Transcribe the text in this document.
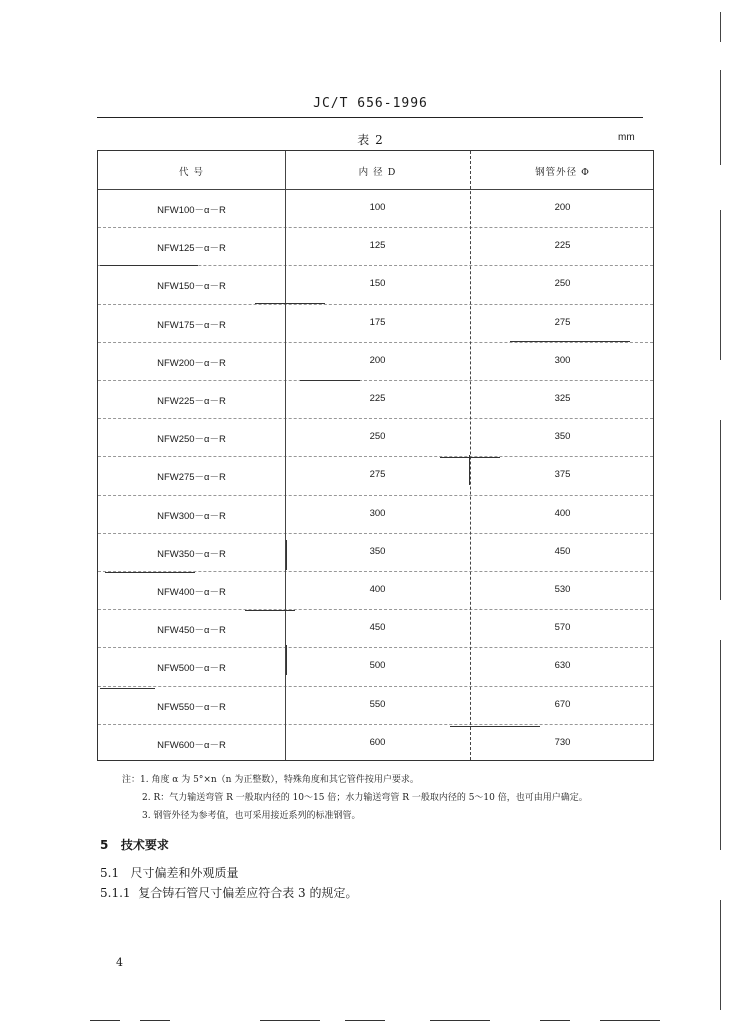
JC/T 656-1996
表 2	mm
代 号	内 径 D	钢管外径 Φ
NFW100－α－R	100	200
NFW125－α－R	125	225
NFW150－α－R	150	250
NFW175－α－R	175	275
NFW200－α－R	200	300
NFW225－α－R	225	325
NFW250－α－R	250	350
NFW275－α－R	275	375
NFW300－α－R	300	400
NFW350－α－R	350	450
NFW400－α－R	400	530
NFW450－α－R	450	570
NFW500－α－R	500	630
NFW550－α－R	550	670
NFW600－α－R	600	730
注：1. 角度 α 为 5°×n（n 为正整数），特殊角度和其它管件按用户要求。
2. R：气力输送弯管 R 一般取内径的 10～15 倍；水力输送弯管 R 一般取内径的 5～10 倍，也可由用户确定。
3. 钢管外径为参考值，也可采用接近系列的标准钢管。
5 技术要求
5.1 尺寸偏差和外观质量
5.1.1 复合铸石管尺寸偏差应符合表 3 的规定。
4
